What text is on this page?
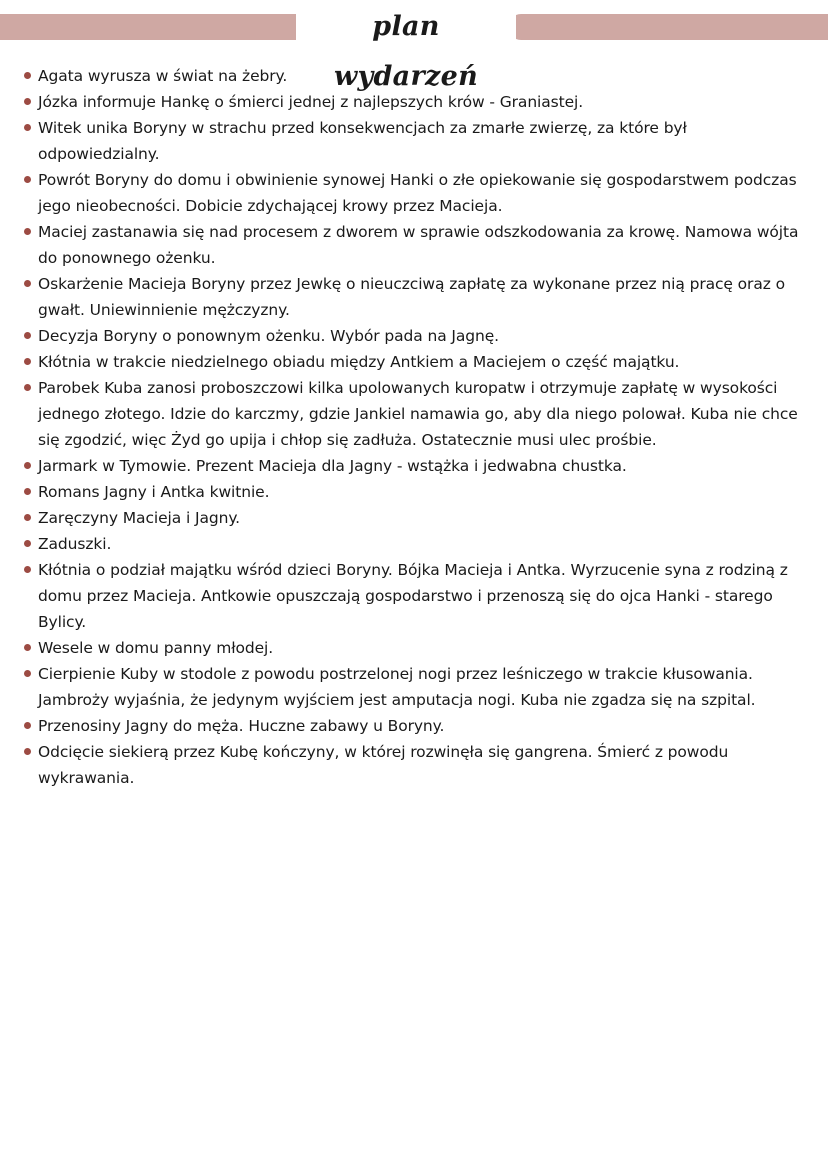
plan wydarzeń
Agata wyrusza w świat na żebry.
Józka informuje Hankę o śmierci jednej z najlepszych krów - Graniastej.
Witek unika Boryny w strachu przed konsekwencjach za zmarłe zwierzę, za które był odpowiedzialny.
Powrót Boryny do domu i obwinienie synowej Hanki o złe opiekowanie się gospodarstwem podczas jego nieobecności. Dobicie zdychającej krowy przez Macieja.
Maciej zastanawia się nad procesem z dworem w sprawie odszkodowania za krowę. Namowa wójta do ponownego ożenku.
Oskarżenie Macieja Boryny przez Jewkę o nieuczciwą zapłatę za wykonane przez nią pracę oraz o gwałt. Uniewinnienie mężczyzny.
Decyzja Boryny o ponownym ożenku. Wybór pada na Jagnę.
Kłótnia w trakcie niedzielnego obiadu między Antkiem a Maciejem o część majątku.
Parobek Kuba zanosi proboszczowi kilka upolowanych kuropatw i otrzymuje zapłatę w wysokości jednego złotego. Idzie do karczmy, gdzie Jankiel namawia go, aby dla niego polował. Kuba nie chce się zgodzić, więc Żyd go upija i chłop się zadłuża. Ostatecznie musi ulec prośbie.
Jarmark w Tymowie. Prezent Macieja dla Jagny - wstążka i jedwabna chustka.
Romans Jagny i Antka kwitnie.
Zaręczyny Macieja i Jagny.
Zaduszki.
Kłótnia o podział majątku wśród dzieci Boryny. Bójka Macieja i Antka. Wyrzucenie syna z rodziną z domu przez Macieja. Antkowie opuszczają gospodarstwo i przenoszą się do ojca Hanki - starego Bylicy.
Wesele w domu panny młodej.
Cierpienie Kuby w stodole z powodu postrzelonej nogi przez leśniczego w trakcie kłusowania. Jambroży wyjaśnia, że jedynym wyjściem jest amputacja nogi. Kuba nie zgadza się na szpital.
Przenosiny Jagny do męża. Huczne zabawy u Boryny.
Odcięcie siekierą przez Kubę kończyny, w której rozwinęła się gangrena. Śmierć z powodu wykrawania.
